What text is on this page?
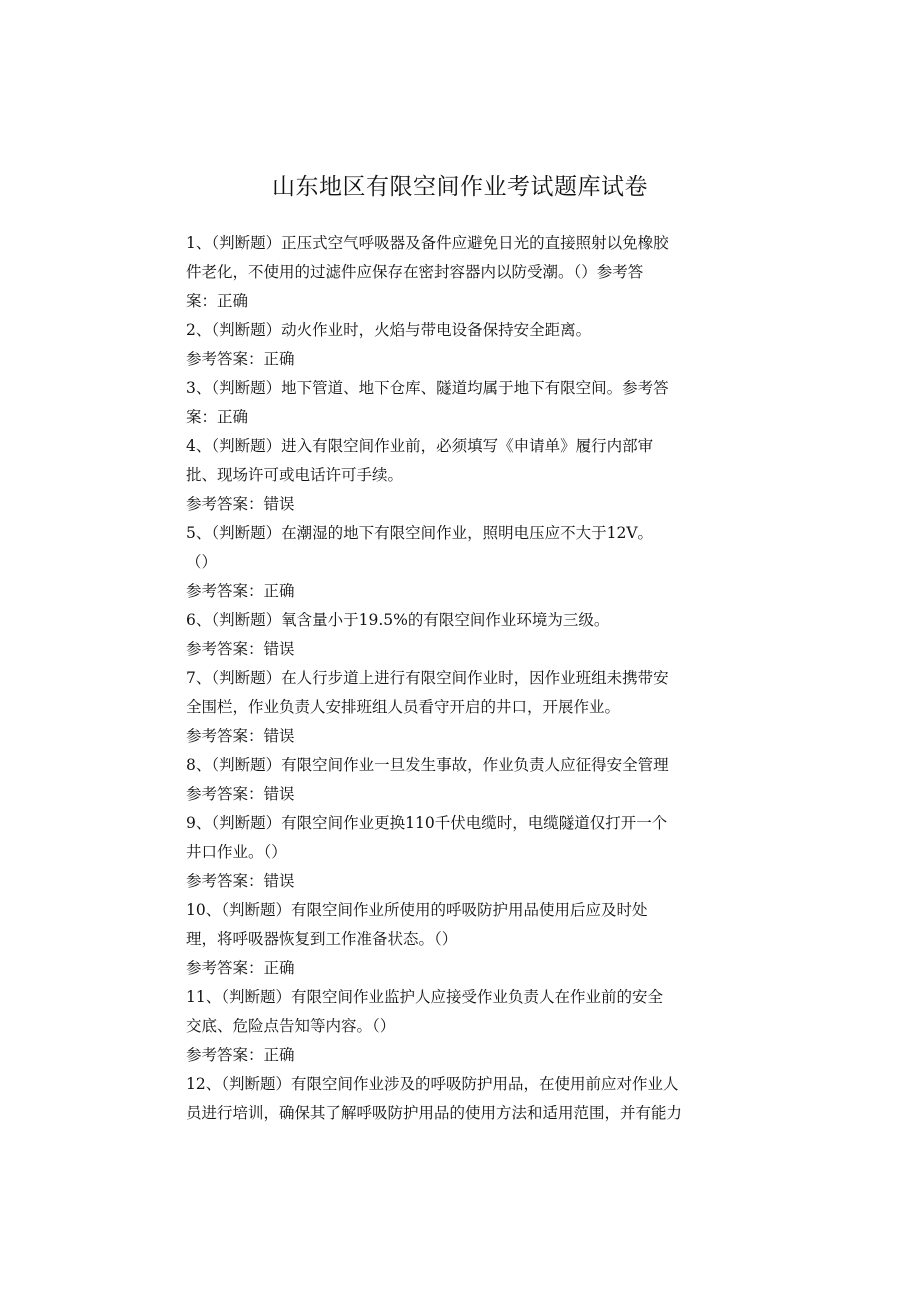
山东地区有限空间作业考试题库试卷
1、（判断题）正压式空气呼吸器及备件应避免日光的直接照射以免橡胶
件老化，不使用的过滤件应保存在密封容器内以防受潮。（）参考答
案：正确
2、（判断题）动火作业时，火焰与带电设备保持安全距离。
参考答案：正确
3、（判断题）地下管道、地下仓库、隧道均属于地下有限空间。参考答
案：正确
4、（判断题）进入有限空间作业前，必须填写《申请单》履行内部审
批、现场许可或电话许可手续。
参考答案：错误
5、（判断题）在潮湿的地下有限空间作业，照明电压应不大于12V。
（）
参考答案：正确
6、（判断题）氧含量小于19.5%的有限空间作业环境为三级。
参考答案：错误
7、（判断题）在人行步道上进行有限空间作业时，因作业班组未携带安
全围栏，作业负责人安排班组人员看守开启的井口，开展作业。
参考答案：错误
8、（判断题）有限空间作业一旦发生事故，作业负责人应征得安全管理
参考答案：错误
9、（判断题）有限空间作业更换110千伏电缆时，电缆隧道仅打开一个
井口作业。（）
参考答案：错误
10、（判断题）有限空间作业所使用的呼吸防护用品使用后应及时处
理，将呼吸器恢复到工作准备状态。（）
参考答案：正确
11、（判断题）有限空间作业监护人应接受作业负责人在作业前的安全
交底、危险点告知等内容。（）
参考答案：正确
12、（判断题）有限空间作业涉及的呼吸防护用品，在使用前应对作业人
员进行培训，确保其了解呼吸防护用品的使用方法和适用范围，并有能力
